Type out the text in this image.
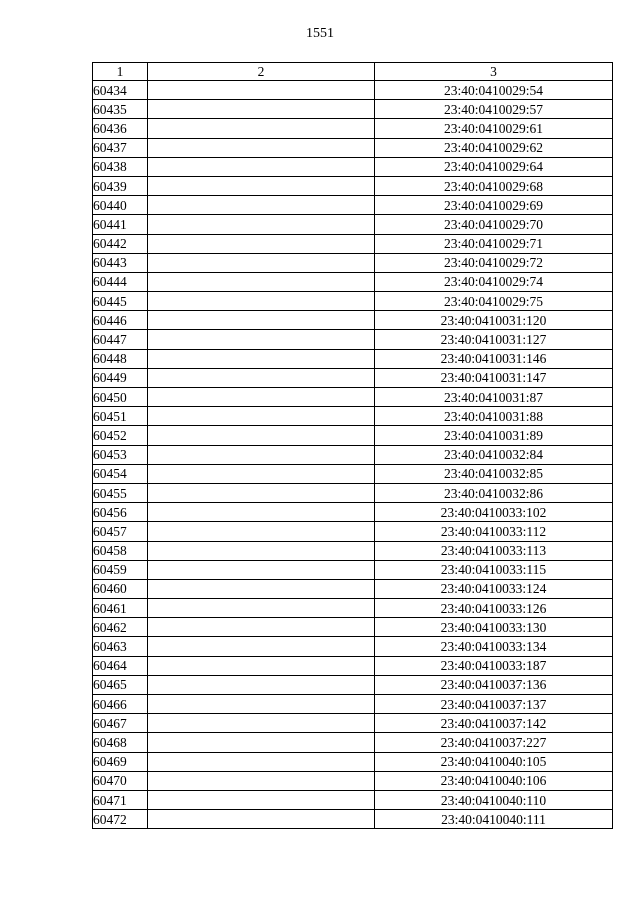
1551
1	2	3
60434		23:40:0410029:54
60435		23:40:0410029:57
60436		23:40:0410029:61
60437		23:40:0410029:62
60438		23:40:0410029:64
60439		23:40:0410029:68
60440		23:40:0410029:69
60441		23:40:0410029:70
60442		23:40:0410029:71
60443		23:40:0410029:72
60444		23:40:0410029:74
60445		23:40:0410029:75
60446		23:40:0410031:120
60447		23:40:0410031:127
60448		23:40:0410031:146
60449		23:40:0410031:147
60450		23:40:0410031:87
60451		23:40:0410031:88
60452		23:40:0410031:89
60453		23:40:0410032:84
60454		23:40:0410032:85
60455		23:40:0410032:86
60456		23:40:0410033:102
60457		23:40:0410033:112
60458		23:40:0410033:113
60459		23:40:0410033:115
60460		23:40:0410033:124
60461		23:40:0410033:126
60462		23:40:0410033:130
60463		23:40:0410033:134
60464		23:40:0410033:187
60465		23:40:0410037:136
60466		23:40:0410037:137
60467		23:40:0410037:142
60468		23:40:0410037:227
60469		23:40:0410040:105
60470		23:40:0410040:106
60471		23:40:0410040:110
60472		23:40:0410040:111
